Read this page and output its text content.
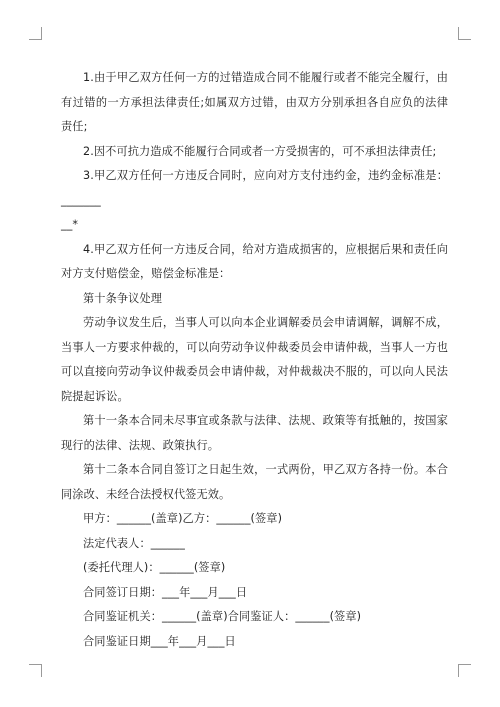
1.由于甲乙双方任何一方的过错造成合同不能履行或者不能完全履行，由有过错的一方承担法律责任;如属双方过错，由双方分别承担各自应负的法律责任;

2.因不可抗力造成不能履行合同或者一方受损害的，可不承担法律责任;

3.甲乙双方任何一方违反合同时，应向对方支付违约金，违约金标准是：_______

__*

4.甲乙双方任何一方违反合同，给对方造成损害的，应根据后果和责任向对方支付赔偿金，赔偿金标准是：

第十条争议处理

劳动争议发生后，当事人可以向本企业调解委员会申请调解，调解不成，当事人一方要求仲裁的，可以向劳动争议仲裁委员会申请仲裁，当事人一方也可以直接向劳动争议仲裁委员会申请仲裁，对仲裁裁决不服的，可以向人民法院提起诉讼。

第十一条本合同未尽事宜或条款与法律、法规、政策等有抵触的，按国家现行的法律、法规、政策执行。

第十二条本合同自签订之日起生效，一式两份，甲乙双方各持一份。本合同涂改、未经合法授权代签无效。

甲方：______(盖章)乙方：______(签章)

法定代表人：______

(委托代理人)：______(签章)

合同签订日期：___年___月___日

合同鉴证机关：______(盖章)合同鉴证人：______(签章)

合同鉴证日期___年___月___日
